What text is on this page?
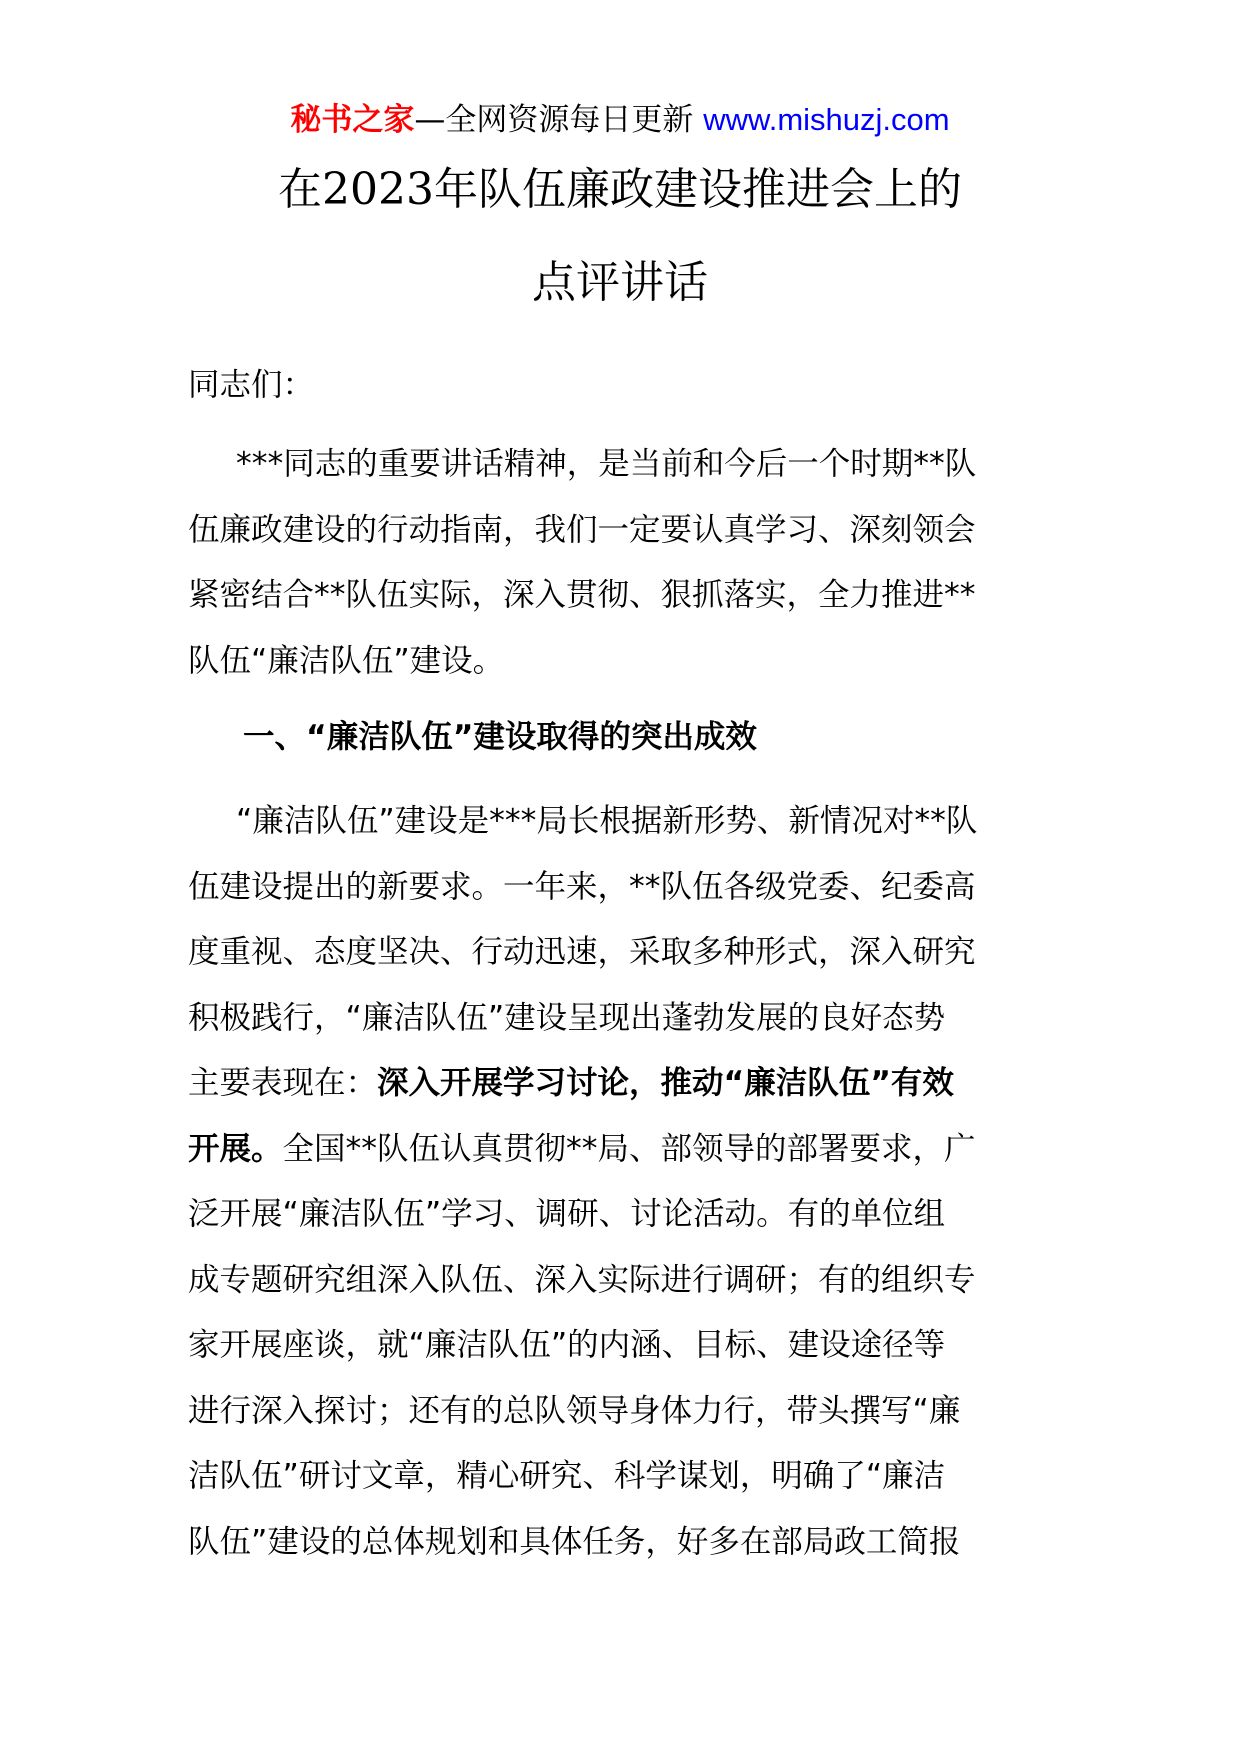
秘书之家—全网资源每日更新 www.mishuzj.com
在2023年队伍廉政建设推进会上的
点评讲话
同志们：
***同志的重要讲话精神，是当前和今后一个时期**队
伍廉政建设的行动指南，我们一定要认真学习、深刻领会
紧密结合**队伍实际，深入贯彻、狠抓落实，全力推进**
队伍“廉洁队伍”建设。
一、“廉洁队伍”建设取得的突出成效
“廉洁队伍”建设是***局长根据新形势、新情况对**队
伍建设提出的新要求。一年来，**队伍各级党委、纪委高
度重视、态度坚决、行动迅速，采取多种形式，深入研究
积极践行，“廉洁队伍”建设呈现出蓬勃发展的良好态势
主要表现在：深入开展学习讨论，推动“廉洁队伍”有效
开展。全国**队伍认真贯彻**局、部领导的部署要求，广
泛开展“廉洁队伍”学习、调研、讨论活动。有的单位组
成专题研究组深入队伍、深入实际进行调研；有的组织专
家开展座谈，就“廉洁队伍”的内涵、目标、建设途径等
进行深入探讨；还有的总队领导身体力行，带头撰写“廉
洁队伍”研讨文章，精心研究、科学谋划，明确了“廉洁
队伍”建设的总体规划和具体任务，好多在部局政工简报
